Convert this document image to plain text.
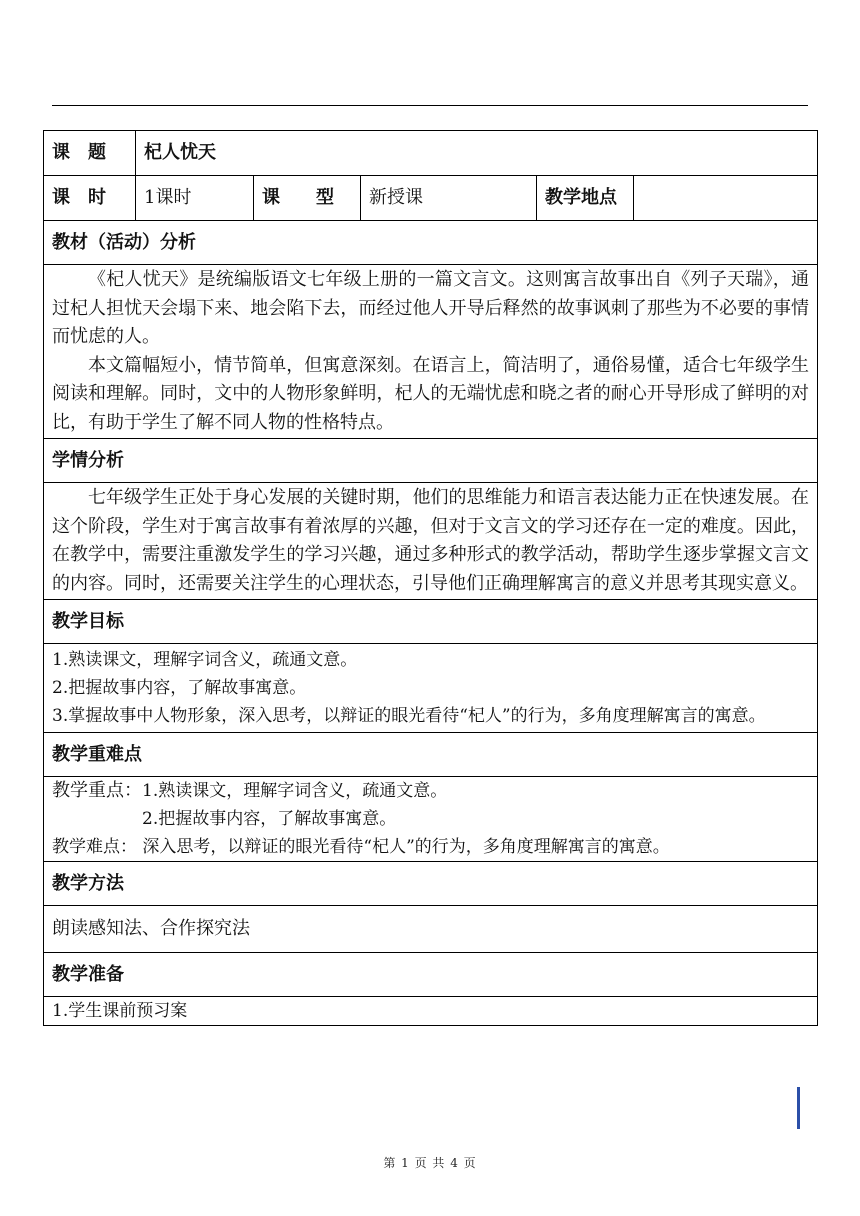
课　题	杞人忧天				
课　时	1课时	课　　型	新授课	教学地点	
教材（活动）分析					

《杞人忧天》是统编版语文七年级上册的一篇文言文。这则寓言故事出自《列子天瑞》，通过杞人担忧天会塌下来、地会陷下去，而经过他人开导后释然的故事讽刺了那些为不必要的事情而忧虑的人。

本文篇幅短小，情节简单，但寓意深刻。在语言上，简洁明了，通俗易懂，适合七年级学生阅读和理解。同时，文中的人物形象鲜明，杞人的无端忧虑和晓之者的耐心开导形成了鲜明的对比，有助于学生了解不同人物的性格特点。					

学情分析					

七年级学生正处于身心发展的关键时期，他们的思维能力和语言表达能力正在快速发展。在这个阶段，学生对于寓言故事有着浓厚的兴趣，但对于文言文的学习还存在一定的难度。因此，在教学中，需要注重激发学生的学习兴趣，通过多种形式的教学活动，帮助学生逐步掌握文言文的内容。同时，还需要关注学生的心理状态，引导他们正确理解寓言的意义并思考其现实意义。					

教学目标					

1.熟读课文，理解字词含义，疏通文意。

2.把握故事内容，了解故事寓意。

3.掌握故事中人物形象，深入思考，以辩证的眼光看待“杞人”的行为，多角度理解寓言的寓意。					

教学重难点					

教学重点： 1.熟读课文，理解字词含义，疏通文意。

2.把握故事内容，了解故事寓意。

教学难点： 深入思考，以辩证的眼光看待“杞人”的行为，多角度理解寓言的寓意。					

教学方法					
朗读感知法、合作探究法					
教学准备					

1.学生课前预习案					

第 1 页 共 4 页
